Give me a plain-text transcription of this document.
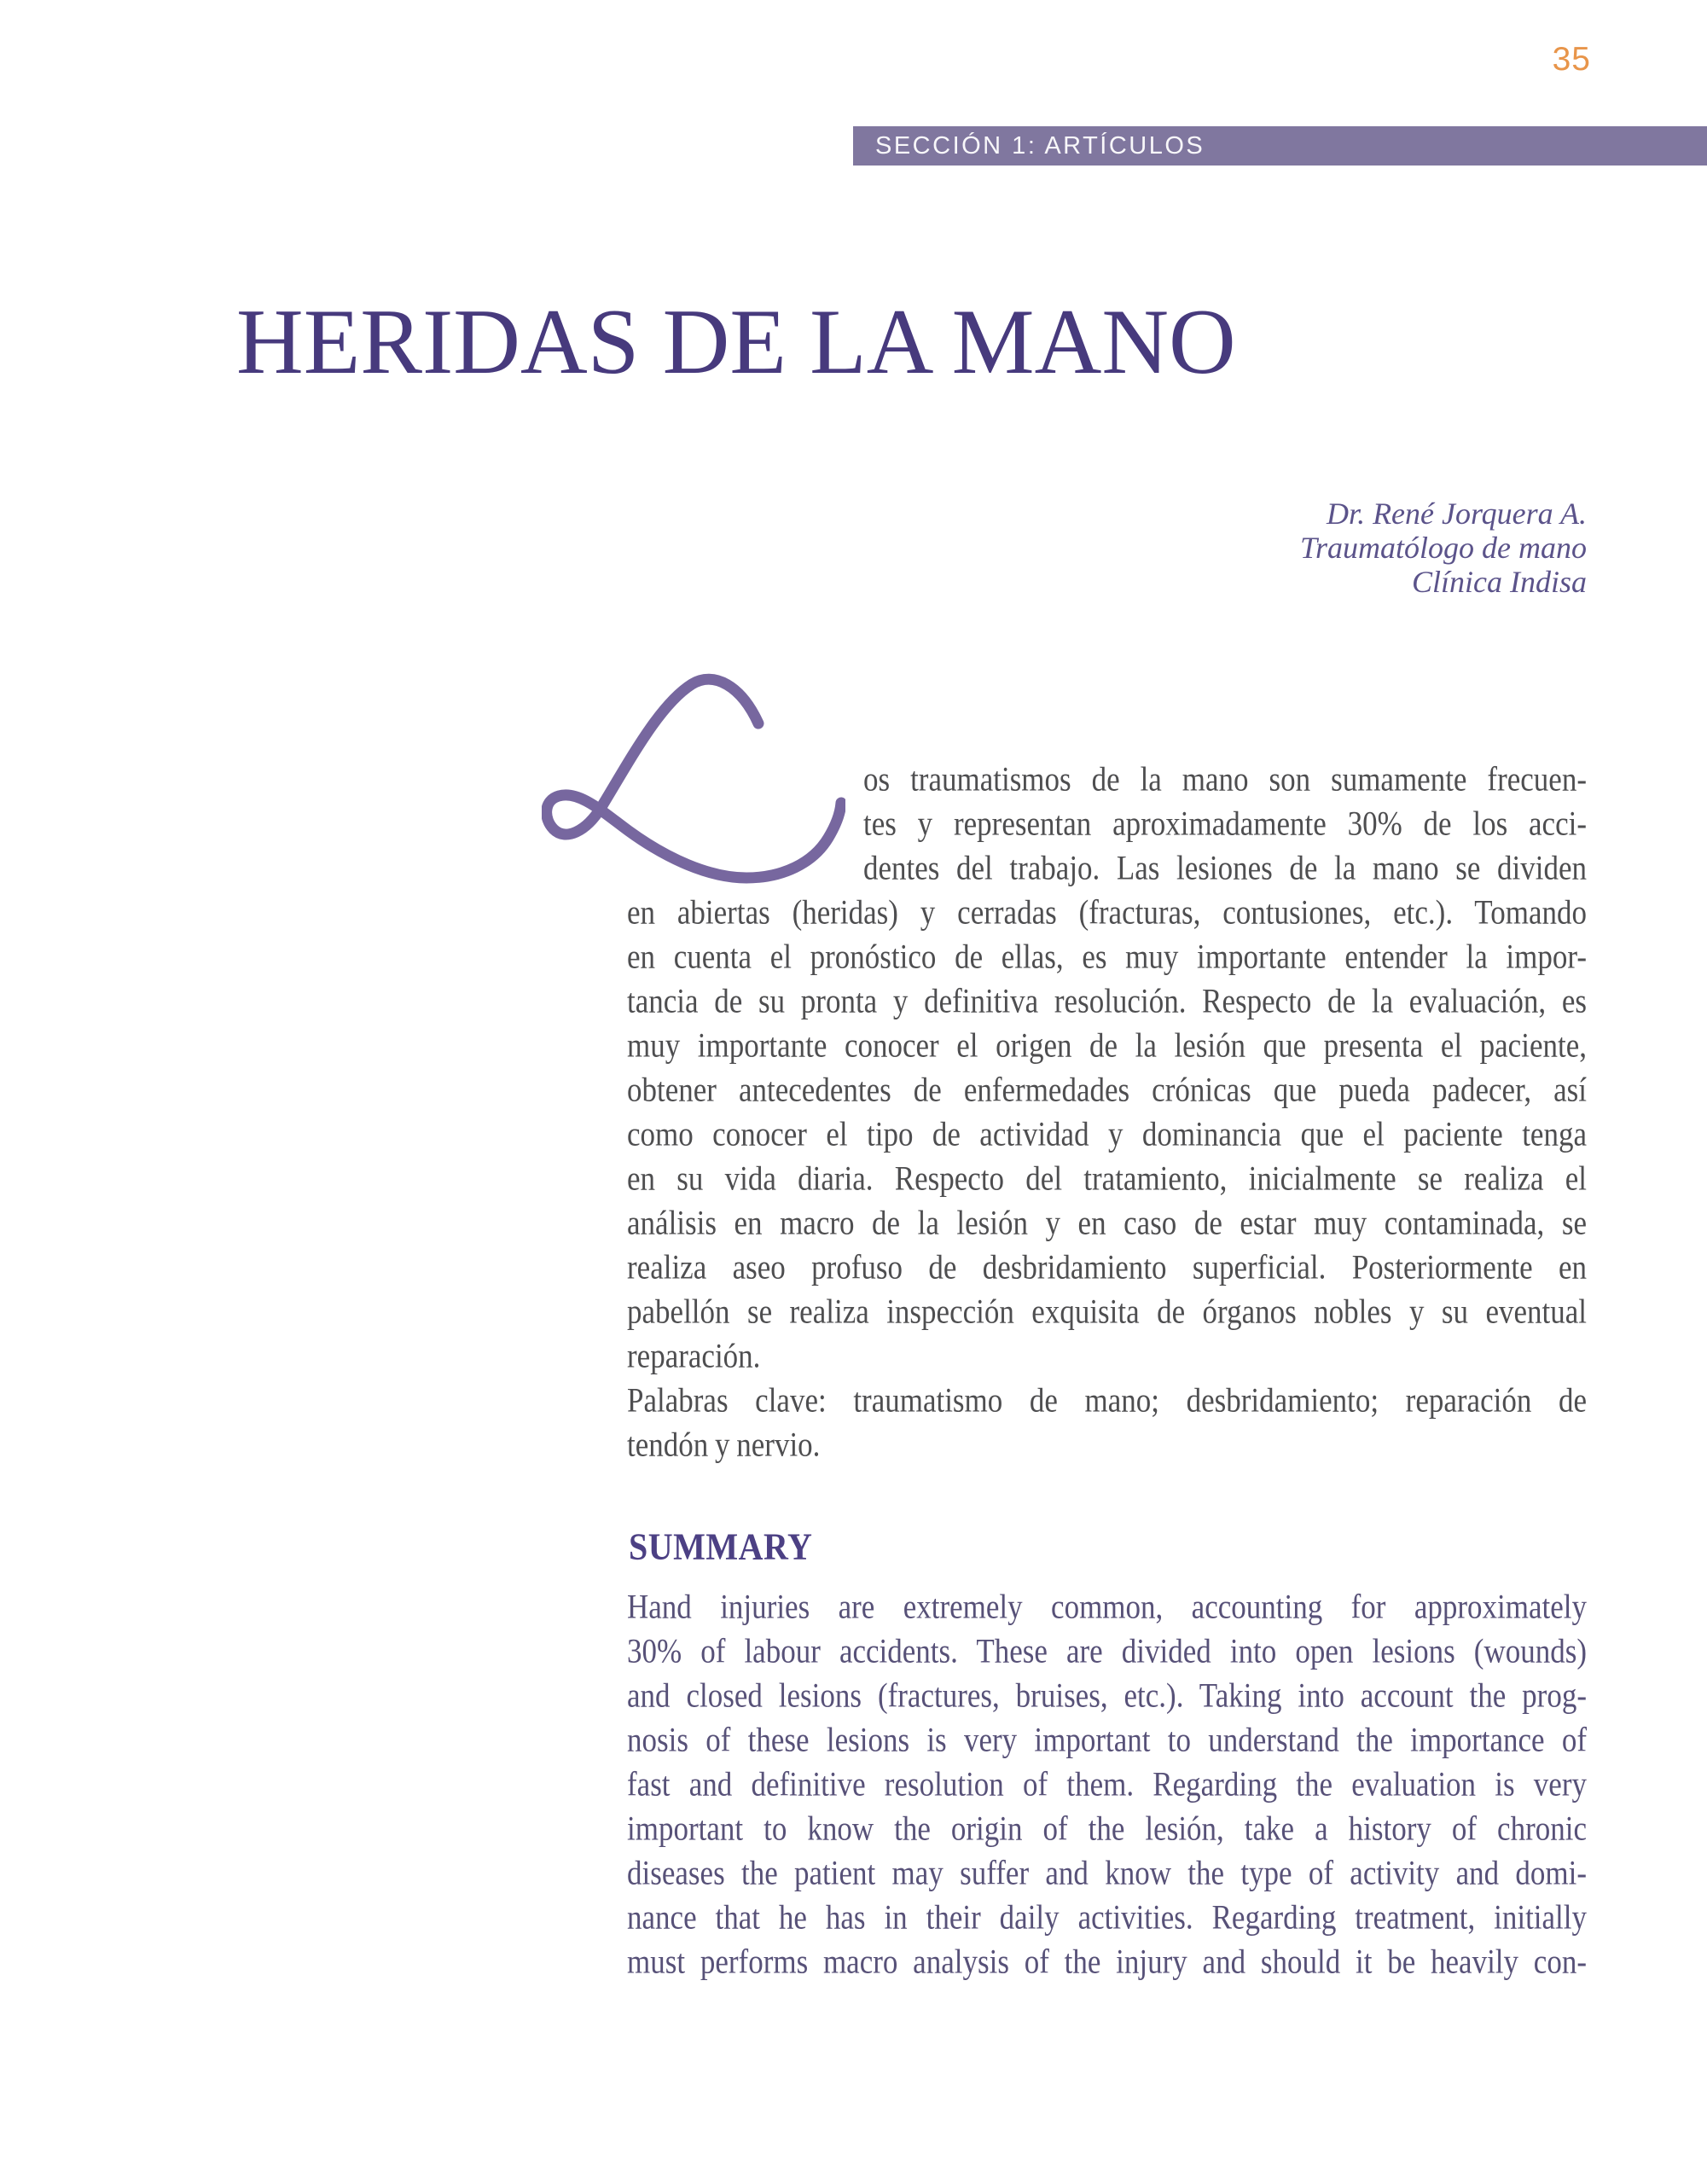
35
SECCIÓN 1: ARTÍCULOS
HERIDAS DE LA MANO
Dr. René Jorquera A.
Traumatólogo de mano
Clínica Indisa
os traumatismos de la mano son sumamente frecuen-
tes y representan aproximadamente 30% de los acci-
dentes del trabajo. Las lesiones de la mano se dividen
en abiertas (heridas) y cerradas (fracturas, contusiones, etc.). Tomando
en cuenta el pronóstico de ellas, es muy importante entender la impor-
tancia de su pronta y definitiva resolución. Respecto de la evaluación, es
muy importante conocer el origen de la lesión que presenta el paciente,
obtener antecedentes de enfermedades crónicas que pueda padecer, así
como conocer el tipo de actividad y dominancia que el paciente tenga
en su vida diaria. Respecto del tratamiento, inicialmente se realiza el
análisis en macro de la lesión y en caso de estar muy contaminada, se
realiza aseo profuso de desbridamiento superficial. Posteriormente en
pabellón se realiza inspección exquisita de órganos nobles y su eventual
reparación.
Palabras clave: traumatismo de mano; desbridamiento; reparación de
tendón y nervio.
SUMMARY
Hand injuries are extremely common, accounting for approximately
30% of labour accidents. These are divided into open lesions (wounds)
and closed lesions (fractures, bruises, etc.). Taking into account the prog-
nosis of these lesions is very important to understand the importance of
fast and definitive resolution of them. Regarding the evaluation is very
important to know the origin of the lesión, take a history of chronic
diseases the patient may suffer and know the type of activity and domi-
nance that he has in their daily activities. Regarding treatment, initially
must performs macro analysis of the injury and should it be heavily con-
